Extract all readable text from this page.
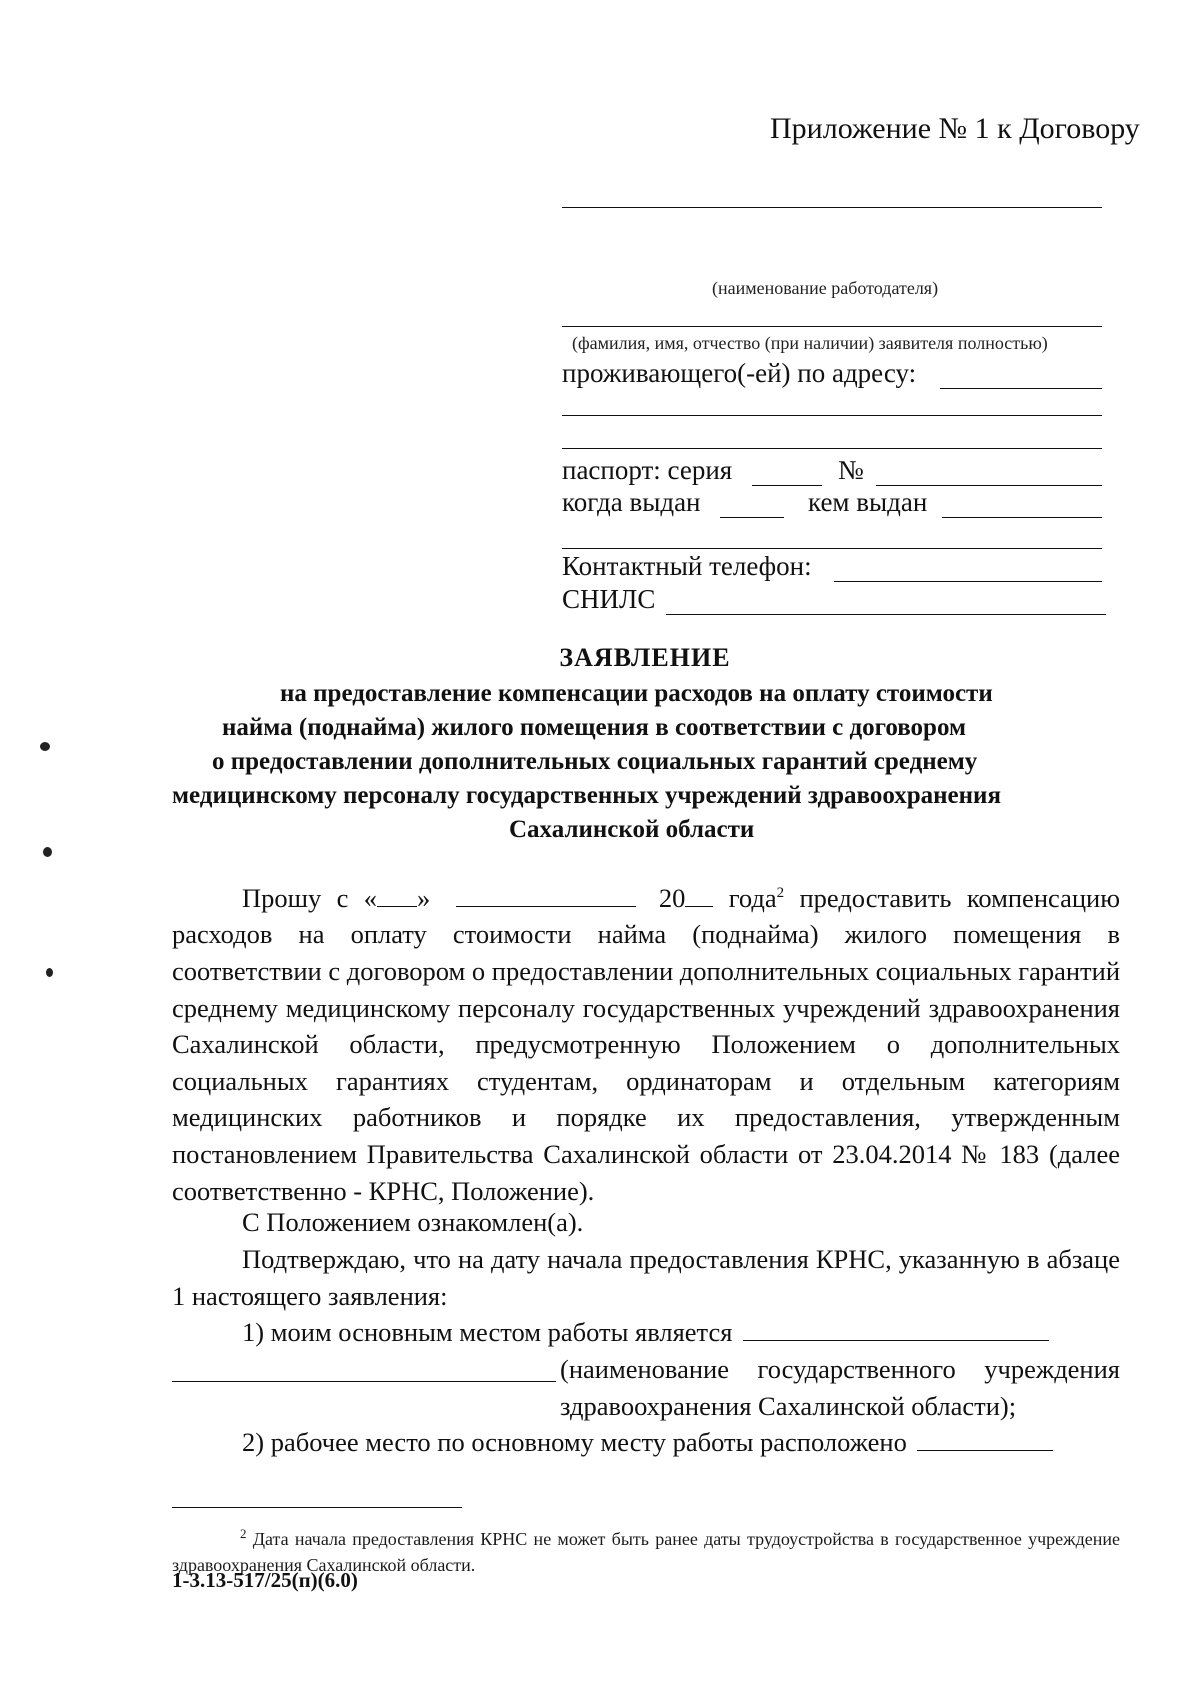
Приложение № 1 к Договору
(наименование работодателя)
(фамилия, имя, отчество (при наличии) заявителя полностью)
проживающего(-ей) по адресу:
паспорт: серия	№
когда выдан	кем выдан
Контактный телефон:
СНИЛС
ЗАЯВЛЕНИЕ
на предоставление компенсации расходов на оплату стоимости
найма (поднайма) жилого помещения в соответствии с договором
о предоставлении дополнительных социальных гарантий среднему
медицинскому персоналу государственных учреждений здравоохранения
Сахалинской области
Прошу с « »	20 года$^2$ предоставить компенсацию расходов на оплату стоимости найма (поднайма) жилого помещения в соответствии с договором о предоставлении дополнительных социальных гарантий среднему медицинскому персоналу государственных учреждений здравоохранения Сахалинской области, предусмотренную Положением о дополнительных социальных гарантиях студентам, ординаторам и отдельным категориям медицинских работников и порядке их предоставления, утвержденным постановлением Правительства Сахалинской области от 23.04.2014 № 183 (далее соответственно - КРНС, Положение).
С Положением ознакомлен(а).
Подтверждаю, что на дату начала предоставления КРНС, указанную в абзаце 1 настоящего заявления:
1) моим основным местом работы является
(наименование государственного учреждения здравоохранения Сахалинской области);
2) рабочее место по основному месту работы расположено
$^2$ Дата начала предоставления КРНС не может быть ранее даты трудоустройства в государственное учреждение здравоохранения Сахалинской области.
1-3.13-517/25(п)(6.0)
